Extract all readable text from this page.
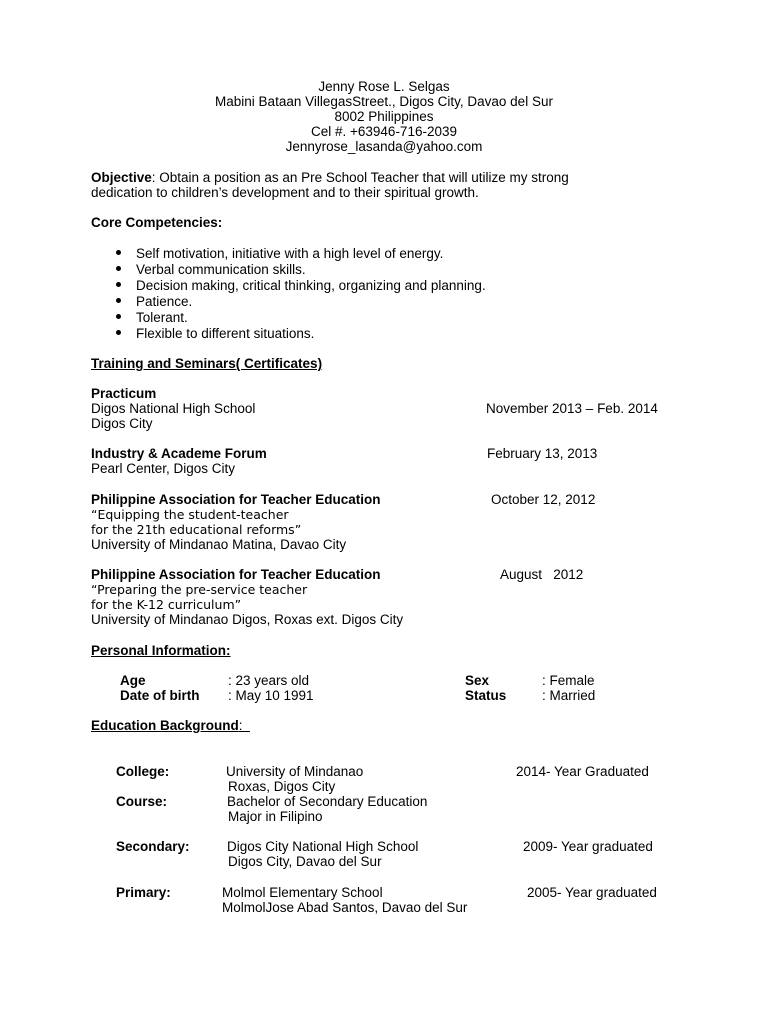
Jenny Rose L. Selgas
Mabini Bataan VillegasStreet., Digos City, Davao del Sur
8002 Philippines
Cel #. +63946-716-2039
Jennyrose_lasanda@yahoo.com
Objective: Obtain a position as an Pre School Teacher that will utilize my strong
dedication to children’s development and to their spiritual growth.
Core Competencies:
Self motivation, initiative with a high level of energy.
Verbal communication skills.
Decision making, critical thinking, organizing and planning.
Patience.
Tolerant.
Flexible to different situations.
Training and Seminars( Certificates)
Practicum
Digos National High School	November 2013 – Feb. 2014
Digos City
Industry & Academe Forum	February 13, 2013
Pearl Center, Digos City
Philippine Association for Teacher Education	October 12, 2012
“Equipping the student-teacher
for the 21th educational reforms”
University of Mindanao Matina, Davao City
Philippine Association for Teacher Education	August   2012
“Preparing the pre-service teacher
for the K-12 curriculum”
University of Mindanao Digos, Roxas ext. Digos City
Personal Information:
Age	: 23 years old	Sex	: Female
Date of birth : May 10 1991	Status	: Married
Education Background:
College:	University of Mindanao	2014- Year Graduated
Roxas, Digos City
Course:	Bachelor of Secondary Education
Major in Filipino
Secondary:	Digos City National High School	2009- Year graduated
Digos City, Davao del Sur
Primary:	Molmol Elementary School	2005- Year graduated
MolmolJose Abad Santos, Davao del Sur
